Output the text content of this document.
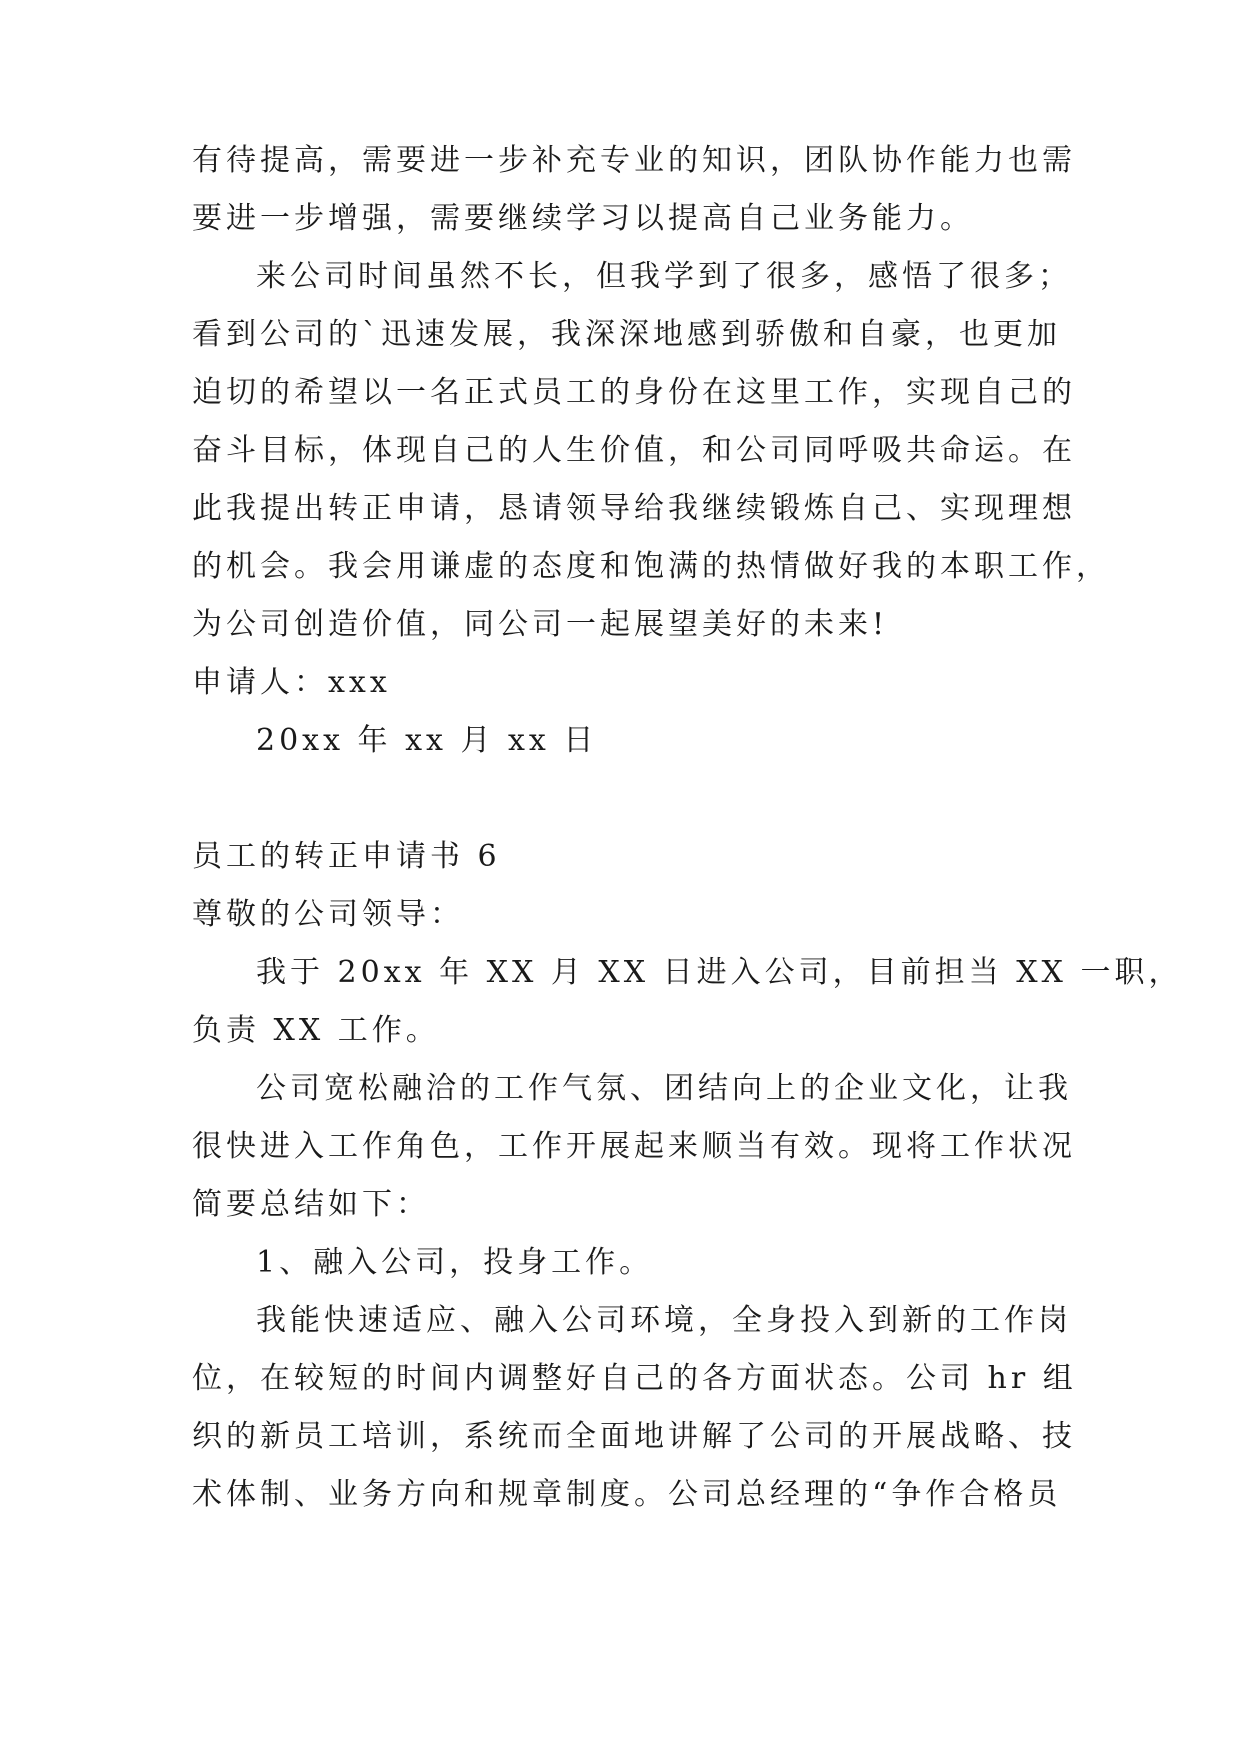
有待提高，需要进一步补充专业的知识，团队协作能力也需
要进一步增强，需要继续学习以提高自己业务能力。
来公司时间虽然不长，但我学到了很多，感悟了很多；
看到公司的`迅速发展，我深深地感到骄傲和自豪，也更加
迫切的希望以一名正式员工的身份在这里工作，实现自己的
奋斗目标，体现自己的人生价值，和公司同呼吸共命运。在
此我提出转正申请，恳请领导给我继续锻炼自己、实现理想
的机会。我会用谦虚的态度和饱满的热情做好我的本职工作，
为公司创造价值，同公司一起展望美好的未来!
申请人：xxx
20xx 年 xx 月 xx 日
员工的转正申请书 6
尊敬的公司领导：
我于 20xx 年 XX 月 XX 日进入公司，目前担当 XX 一职，
负责 XX 工作。
公司宽松融洽的工作气氛、团结向上的企业文化，让我
很快进入工作角色，工作开展起来顺当有效。现将工作状况
简要总结如下：
1、融入公司，投身工作。
我能快速适应、融入公司环境，全身投入到新的工作岗
位，在较短的时间内调整好自己的各方面状态。公司 hr 组
织的新员工培训，系统而全面地讲解了公司的开展战略、技
术体制、业务方向和规章制度。公司总经理的“争作合格员
